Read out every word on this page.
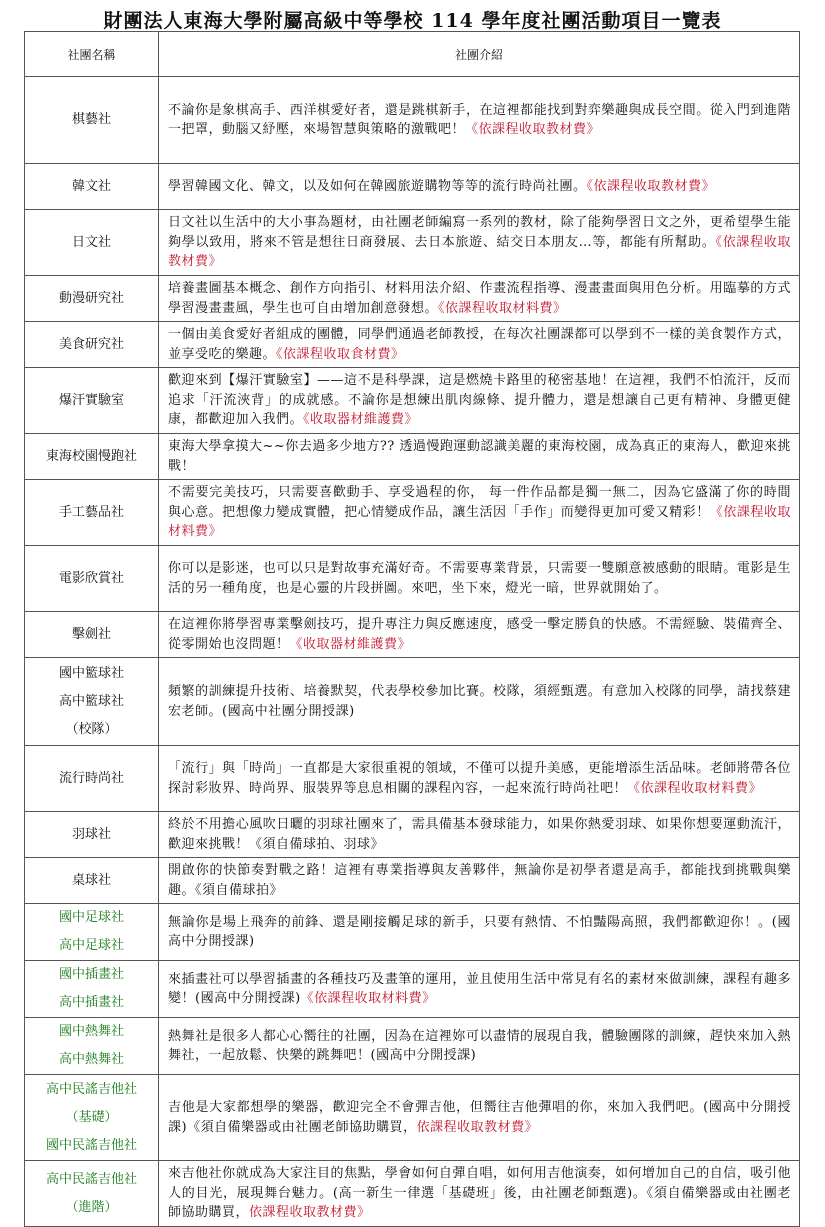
財團法人東海大學附屬高級中等學校 114 學年度社團活動項目一覽表
社團名稱	社團介紹

棋藝社	不論你是象棋高手、西洋棋愛好者，還是跳棋新手，在這裡都能找到對弈樂趣與成長空間。從入門到進階一把罩，動腦又紓壓，來場智慧與策略的激戰吧！《依課程收取教材費》

韓文社	學習韓國文化、韓文，以及如何在韓國旅遊購物等等的流行時尚社團。《依課程收取教材費》

日文社	日文社以生活中的大小事為題材，由社團老師編寫一系列的教材，除了能夠學習日文之外，更希望學生能夠學以致用，將來不管是想往日商發展、去日本旅遊、結交日本朋友…等，都能有所幫助。《依課程收取教材費》

動漫研究社	培養畫圖基本概念、創作方向指引、材料用法介紹、作畫流程指導、漫畫畫面與用色分析。用臨摹的方式學習漫畫畫風，學生也可自由增加創意發想。《依課程收取材料費》

美食研究社	一個由美食愛好者組成的團體，同學們通過老師教授，在每次社團課都可以學到不一樣的美食製作方式，並享受吃的樂趣。《依課程收取食材費》

爆汗實驗室	歡迎來到【爆汗實驗室】——這不是科學課，這是燃燒卡路里的秘密基地！在這裡，我們不怕流汗，反而追求「汗流浹背」的成就感。不論你是想練出肌肉線條、提升體力，還是想讓自己更有精神、身體更健康，都歡迎加入我們。《收取器材維護費》

東海校園慢跑社	東海大學拿摸大~~你去過多少地方?? 透過慢跑運動認識美麗的東海校園，成為真正的東海人，歡迎來挑戰！

手工藝品社	不需要完美技巧，只需要喜歡動手、享受過程的你， 每一件作品都是獨一無二，因為它盛滿了你的時間與心意。把想像力變成實體，把心情變成作品，讓生活因「手作」而變得更加可愛又精彩！《依課程收取材料費》

電影欣賞社	你可以是影迷，也可以只是對故事充滿好奇。不需要專業背景，只需要一雙願意被感動的眼睛。電影是生活的另一種角度，也是心靈的片段拼圖。來吧，坐下來，燈光一暗，世界就開始了。

擊劍社	在這裡你將學習專業擊劍技巧，提升專注力與反應速度，感受一擊定勝負的快感。不需經驗、裝備齊全、從零開始也沒問題！《收取器材維護費》

國中籃球社
高中籃球社
（校隊）	頻繁的訓練提升技術、培養默契，代表學校參加比賽。校隊，須經甄選。有意加入校隊的同學，請找蔡建宏老師。(國高中社團分開授課)

流行時尚社	「流行」與「時尚」一直都是大家很重視的領域，不僅可以提升美感，更能增添生活品味。老師將帶各位探討彩妝界、時尚界、服裝界等息息相關的課程內容，一起來流行時尚社吧！《依課程收取材料費》

羽球社	終於不用擔心風吹日曬的羽球社團來了，需具備基本發球能力，如果你熱愛羽球、如果你想要運動流汗，歡迎來挑戰！《須自備球拍、羽球》

桌球社	開啟你的快節奏對戰之路！這裡有專業指導與友善夥伴，無論你是初學者還是高手，都能找到挑戰與樂趣。《須自備球拍》

國中足球社
高中足球社	無論你是場上飛奔的前鋒、還是剛接觸足球的新手，只要有熱情、不怕豔陽高照，我們都歡迎你！。(國高中分開授課)

國中插畫社
高中插畫社	來插畫社可以學習插畫的各種技巧及畫筆的運用，並且使用生活中常見有名的素材來做訓練，課程有趣多變！(國高中分開授課)《依課程收取材料費》

國中熱舞社
高中熱舞社	熱舞社是很多人都心心嚮往的社團，因為在這裡妳可以盡情的展現自我，體驗團隊的訓練，趕快來加入熱舞社，一起放鬆、快樂的跳舞吧！(國高中分開授課)

高中民謠吉他社
（基礎）
國中民謠吉他社	吉他是大家都想學的樂器，歡迎完全不會彈吉他，但嚮往吉他彈唱的你，來加入我們吧。(國高中分開授課)《須自備樂器或由社團老師協助購買，依課程收取教材費》

高中民謠吉他社
（進階）	來吉他社你就成為大家注目的焦點，學會如何自彈自唱，如何用吉他演奏，如何增加自己的自信，吸引他人的目光，展現舞台魅力。(高一新生一律選「基礎班」後，由社團老師甄選)。《須自備樂器或由社團老師協助購買，依課程收取教材費》
